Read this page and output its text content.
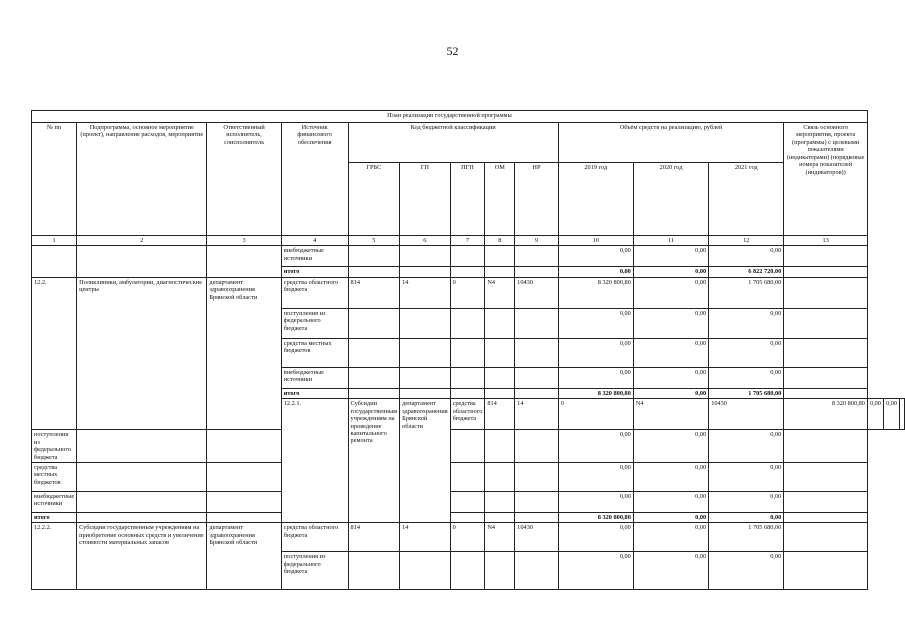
52
План реализации государственной программы															
№ пп	Подпрограмма, основное мероприятие (проект), направление расходов, мероприятие	Ответственный исполнитель, соисполнитель	Источник финансового обеспечения	Код бюджетной классификации					Объём средств на реализацию, рублей			Связь основного мероприятия, проекта (программы) с целевыми показателями (индикаторами) (порядковые номера показателей (индикаторов))			
				ГРБС	ГП	ПГП	ОМ	НР	2019 год	2020 год	2021 год				
1	2	3	4	5	6	7	8	9	10	11	12	13			
			внебюджетные источники						0,00	0,00	0,00				
			итого						0,00	0,00	6 822 720,00				
12.2.	Поликлиники, амбулатории, диагностические центры	департамент здравоохранения Брянской области	средства областного бюджета	814	14	0	N4	10430	8 320 800,80	0,00	1 705 680,00				
			поступления из федерального бюджета						0,00	0,00	0,00				
			средства местных бюджетов						0,00	0,00	0,00				
			внебюджетные источники						0,00	0,00	0,00				
			итого						8 320 800,80	0,00	1 705 680,00				
			12.2.1.	Субсидии государственным учреждениям на проведение капитального ремонта	департамент здравоохранения Брянской области	средства областного бюджета	814	14	0	N4	10430	8 320 800,80	0,00	0,00	
поступления из федерального бюджета									0,00	0,00	0,00				
средства местных бюджетов									0,00	0,00	0,00				
внебюджетные источники									0,00	0,00	0,00				
итого									8 320 800,80	0,00	0,00				
12.2.2.	Субсидии государственным учреждениям на приобретение основных средств и увеличение стоимости материальных запасов	департамент здравоохранения Брянской области	средства областного бюджета	814	14	0	N4	10430	0,00	0,00	1 705 680,00				
			поступления из федерального бюджета						0,00	0,00	0,00				
